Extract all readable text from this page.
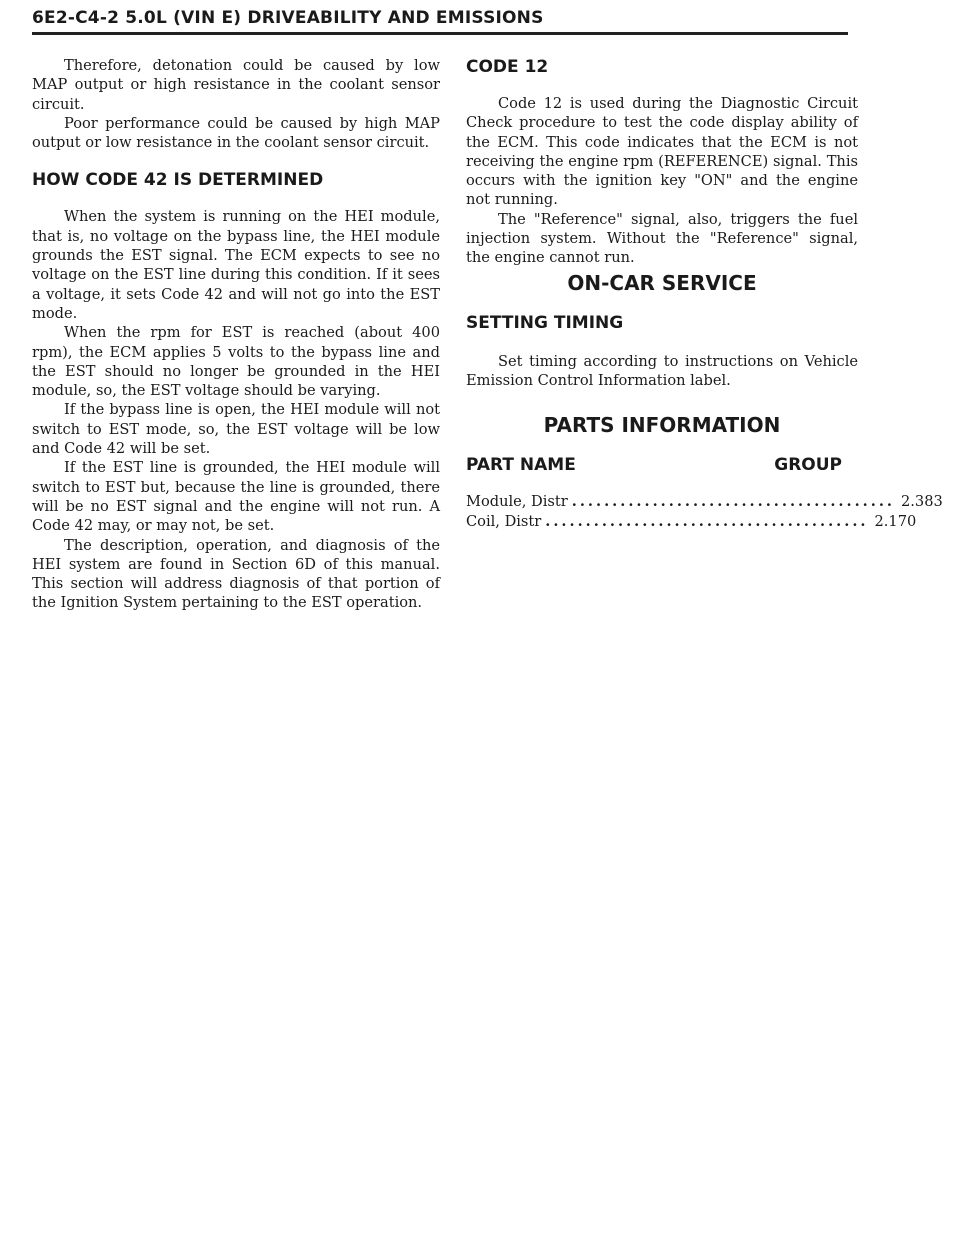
6E2-C4-2 5.0L (VIN E) DRIVEABILITY AND EMISSIONS

Therefore, detonation could be caused by low MAP output or high resistance in the coolant sensor circuit.

Poor performance could be caused by high MAP output or low resistance in the coolant sensor circuit.

HOW CODE 42 IS DETERMINED

When the system is running on the HEI module, that is, no voltage on the bypass line, the HEI module grounds the EST signal. The ECM expects to see no voltage on the EST line during this condition. If it sees a voltage, it sets Code 42 and will not go into the EST mode.

When the rpm for EST is reached (about 400 rpm), the ECM applies 5 volts to the bypass line and the EST should no longer be grounded in the HEI module, so, the EST voltage should be varying.

If the bypass line is open, the HEI module will not switch to EST mode, so, the EST voltage will be low and Code 42 will be set.

If the EST line is grounded, the HEI module will switch to EST but, because the line is grounded, there will be no EST signal and the engine will not run. A Code 42 may, or may not, be set.

The description, operation, and diagnosis of the HEI system are found in Section 6D of this manual. This section will address diagnosis of that portion of the Ignition System pertaining to the EST operation.

CODE 12

Code 12 is used during the Diagnostic Circuit Check procedure to test the code display ability of the ECM. This code indicates that the ECM is not receiving the engine rpm (REFERENCE) signal. This occurs with the ignition key "ON" and the engine not running.

The "Reference" signal, also, triggers the fuel injection system. Without the "Reference" signal, the engine cannot run.

ON-CAR SERVICE
SETTING TIMING

Set timing according to instructions on Vehicle Emission Control Information label.

PARTS INFORMATION
PART NAME	GROUP
Module, Distr ........................................ 2.383
Coil, Distr ........................................ 2.170
